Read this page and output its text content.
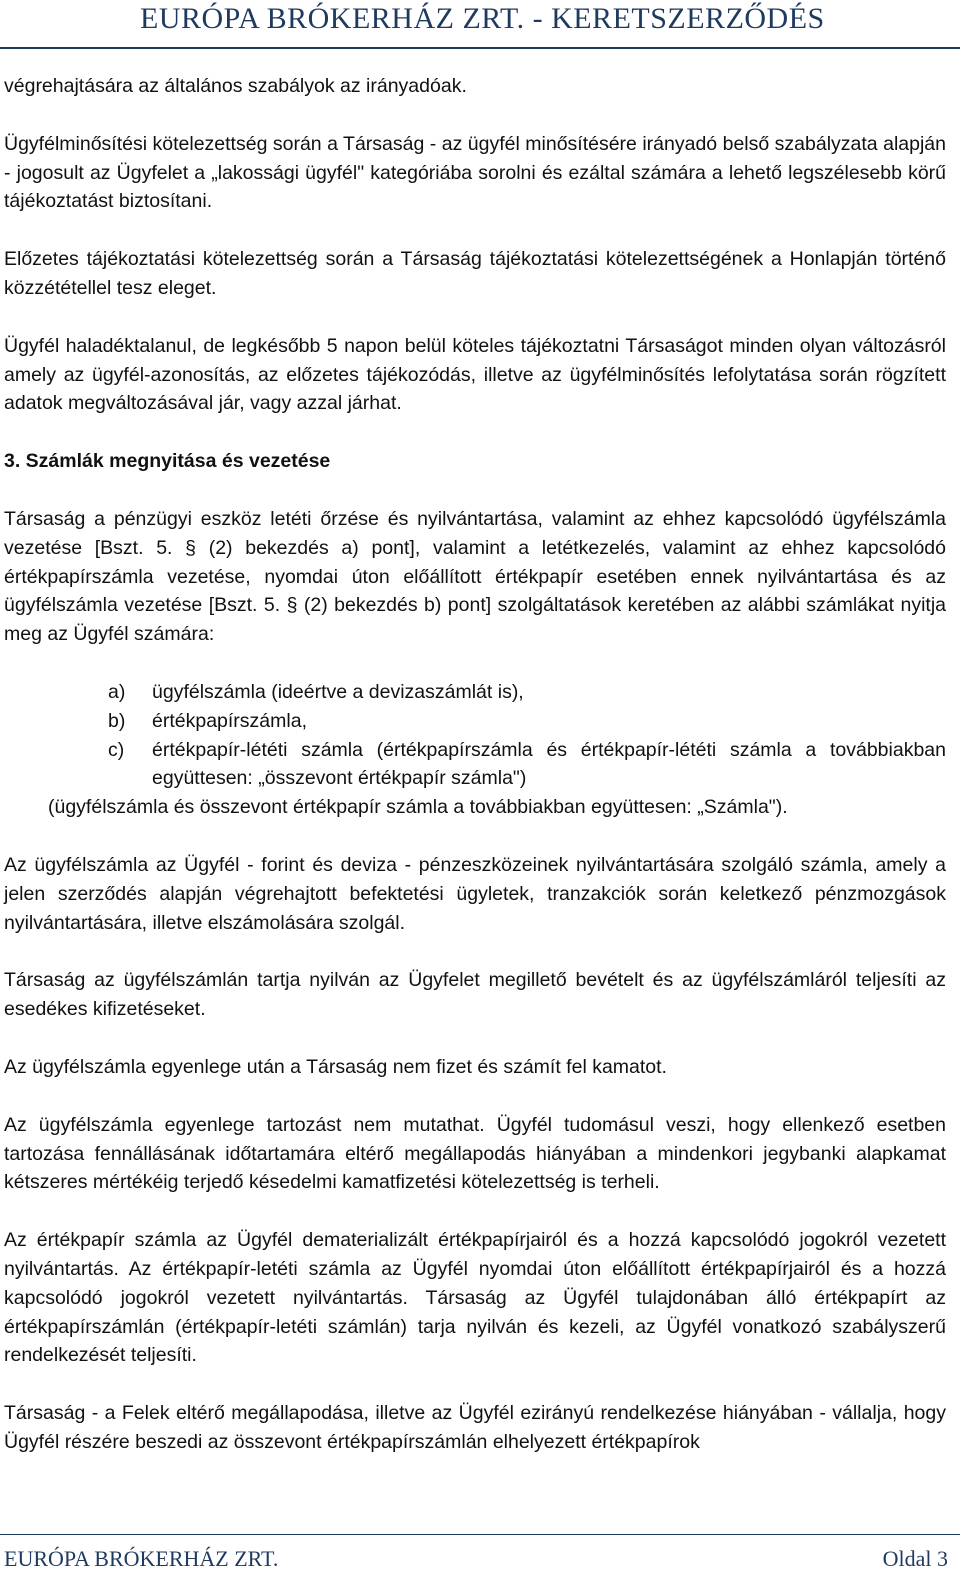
EURÓPA BRÓKERHÁZ ZRT. - KERETSZERZŐDÉS

végrehajtására az általános szabályok az irányadóak.

Ügyfélminősítési kötelezettség során a Társaság - az ügyfél minősítésére irányadó belső szabályzata alapján - jogosult az Ügyfelet a „lakossági ügyfél" kategóriába sorolni és ezáltal számára a lehető legszélesebb körű tájékoztatást biztosítani.

Előzetes tájékoztatási kötelezettség során a Társaság tájékoztatási kötelezettségének a Honlapján történő közzététellel tesz eleget.

Ügyfél haladéktalanul, de legkésőbb 5 napon belül köteles tájékoztatni Társaságot minden olyan változásról amely az ügyfél-azonosítás, az előzetes tájékozódás, illetve az ügyfélminősítés lefolytatása során rögzített adatok megváltozásával jár, vagy azzal járhat.

3. Számlák megnyitása és vezetése

Társaság a pénzügyi eszköz letéti őrzése és nyilvántartása, valamint az ehhez kapcsolódó ügyfélszámla vezetése [Bszt. 5. § (2) bekezdés a) pont], valamint a letétkezelés, valamint az ehhez kapcsolódó értékpapírszámla vezetése, nyomdai úton előállított értékpapír esetében ennek nyilvántartása és az ügyfélszámla vezetése [Bszt. 5. § (2) bekezdés b) pont] szolgáltatások keretében az alábbi számlákat nyitja meg az Ügyfél számára:

a)	ügyfélszámla (ideértve a devizaszámlát is),
b)	értékpapírszámla,
c)	értékpapír-lététi számla (értékpapírszámla és értékpapír-lététi számla a továbbiakban együttesen: „összevont értékpapír számla")
(ügyfélszámla és összevont értékpapír számla a továbbiakban együttesen: „Számla").

Az ügyfélszámla az Ügyfél - forint és deviza - pénzeszközeinek nyilvántartására szolgáló számla, amely a jelen szerződés alapján végrehajtott befektetési ügyletek, tranzakciók során keletkező pénzmozgások nyilvántartására, illetve elszámolására szolgál.

Társaság az ügyfélszámlán tartja nyilván az Ügyfelet megillető bevételt és az ügyfélszámláról teljesíti az esedékes kifizetéseket.

Az ügyfélszámla egyenlege után a Társaság nem fizet és számít fel kamatot.

Az ügyfélszámla egyenlege tartozást nem mutathat. Ügyfél tudomásul veszi, hogy ellenkező esetben tartozása fennállásának időtartamára eltérő megállapodás hiányában a mindenkori jegybanki alapkamat kétszeres mértékéig terjedő késedelmi kamatfizetési kötelezettség is terheli.

Az értékpapír számla az Ügyfél dematerializált értékpapírjairól és a hozzá kapcsolódó jogokról vezetett nyilvántartás. Az értékpapír-letéti számla az Ügyfél nyomdai úton előállított értékpapírjairól és a hozzá kapcsolódó jogokról vezetett nyilvántartás. Társaság az Ügyfél tulajdonában álló értékpapírt az értékpapírszámlán (értékpapír-letéti számlán) tarja nyilván és kezeli, az Ügyfél vonatkozó szabályszerű rendelkezését teljesíti.

Társaság - a Felek eltérő megállapodása, illetve az Ügyfél ezirányú rendelkezése hiányában - vállalja, hogy Ügyfél részére beszedi az összevont értékpapírszámlán elhelyezett értékpapírok

EURÓPA BRÓKERHÁZ ZRT.	Oldal 3
